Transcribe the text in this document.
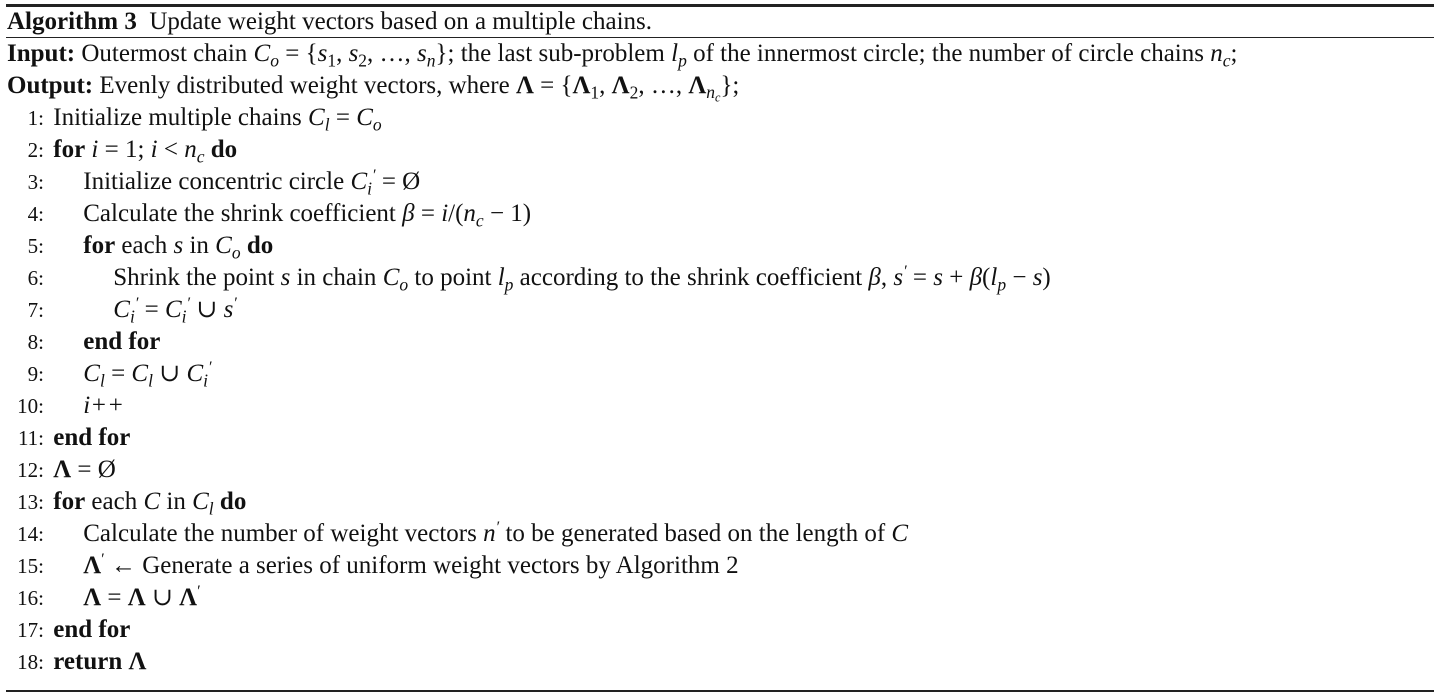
Algorithm 3 Update weight vectors based on a multiple chains.
Input: Outermost chain $C_o = \{s_1$, $s_2$, …, $s_n$}; the last sub-problem $l_p$ of the innermost circle; the number of circle chains $n_c$;
Output: Evenly distributed weight vectors, where $\Lambda = \{\Lambda_1$, $\Lambda_2$, …, $\Lambda_{n_c}$};
1: Initialize multiple chains $C_l = C_o$
2: for i = 1; $i < n_c$ do
3: Initialize concentric circle $C_i'$ = Ø
4: Calculate the shrink coefficient $\beta = i/(n_c - 1)$
5: for each s in $C_o$ do
6:	Shrink the point s in chain $C_o$ to point $l_p$ according to the shrink coefficient β, $s' = s + \beta(l_p - s)$
7:	$C_i' = C_i'$ ∪ s′
8: end for
9: $C_l = C_l$ ∪ $C_i'$
10: i++
11: end for
12: Λ = Ø
13: for each C in $C_l$ do
14: Calculate the number of weight vectors n′ to be generated based on the length of C
15: Λ′ ← Generate a series of uniform weight vectors by Algorithm 2
16: Λ = Λ ∪ Λ′
17: end for
18: return Λ
